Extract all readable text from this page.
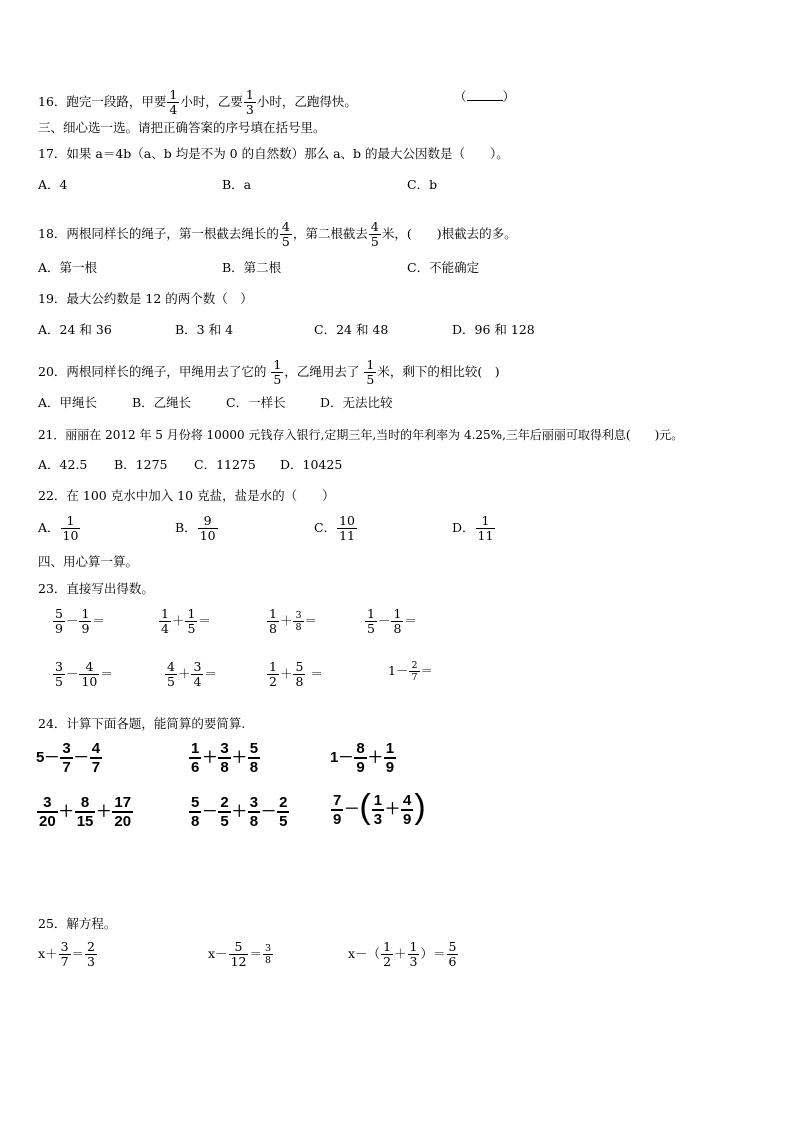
16．跑完一段路，甲要 $\frac{1}{4}$ 小时，乙要 $\frac{1}{3}$ 小时，乙跑得快。	（	）
三、细心选一选。请把正确答案的序号填在括号里。
17．如果 a＝4b（a、b 均是不为 0 的自然数）那么 a、b 的最大公因数是（　　）。
A．4	B．a	C．b
18．两根同样长的绳子，第一根截去绳长的 $\frac{4}{5}$ ，第二根截去 $\frac{4}{5}$ 米，(　　)根截去的多。
A．第一根	B．第二根	C．不能确定
19．最大公约数是 12 的两个数（　）
A．24 和 36	B．3 和 4	C．24 和 48	D．96 和 128
20．两根同样长的绳子，甲绳用去了它的 $\frac{1}{5}$ ，乙绳用去了 $\frac{1}{5}$ 米，剩下的相比较(　)
A．甲绳长	B．乙绳长	C．一样长	D．无法比较
21．丽丽在 2012 年 5 月份将 10000 元钱存入银行,定期三年,当时的年利率为 4.25%,三年后丽丽可取得利息(　　)元。
A．42.5 B．1275 C．11275 D．10425
22．在 100 克水中加入 10 克盐，盐是水的（　　）
A． $\frac{1}{10}$	B． $\frac{9}{10}$	C． $\frac{10}{11}$	D． $\frac{1}{11}$
四、用心算一算。
23．直接写出得数。
$\frac{5}{9} - \frac{1}{9}$ ＝	$\frac{1}{4} + \frac{1}{5}$ ＝	$\frac{1}{8} + \frac{3}{8}$ ＝	$\frac{1}{5} - \frac{1}{8}$ ＝
$\frac{3}{5} - \frac{4}{10}$ ＝	$\frac{4}{5} + \frac{3}{4}$ ＝	$\frac{1}{2} + \frac{5}{8}$ ＝	$1- \frac{2}{7}$ ＝
24．计算下面各题，能简算的要简算.
$5- \frac{3}{7} - \frac{4}{7}$	$\frac{1}{6} + \frac{3}{8} + \frac{5}{8}$	$1- \frac{8}{9} + \frac{1}{9}$
$\frac{3}{20} + \frac{8}{15} + \frac{17}{20}$	$\frac{5}{8} - \frac{2}{5} + \frac{3}{8} - \frac{2}{5}$	$\frac{7}{9}$ －( $\frac{1}{3} + \frac{4}{9}$ )
25．解方程。
$x+ \frac{3}{7} = \frac{2}{3}$	$x- \frac{5}{12} = \frac{3}{8}$	$x-( \frac{1}{2} + \frac{1}{3}$ ）＝ $\frac{5}{6}$
